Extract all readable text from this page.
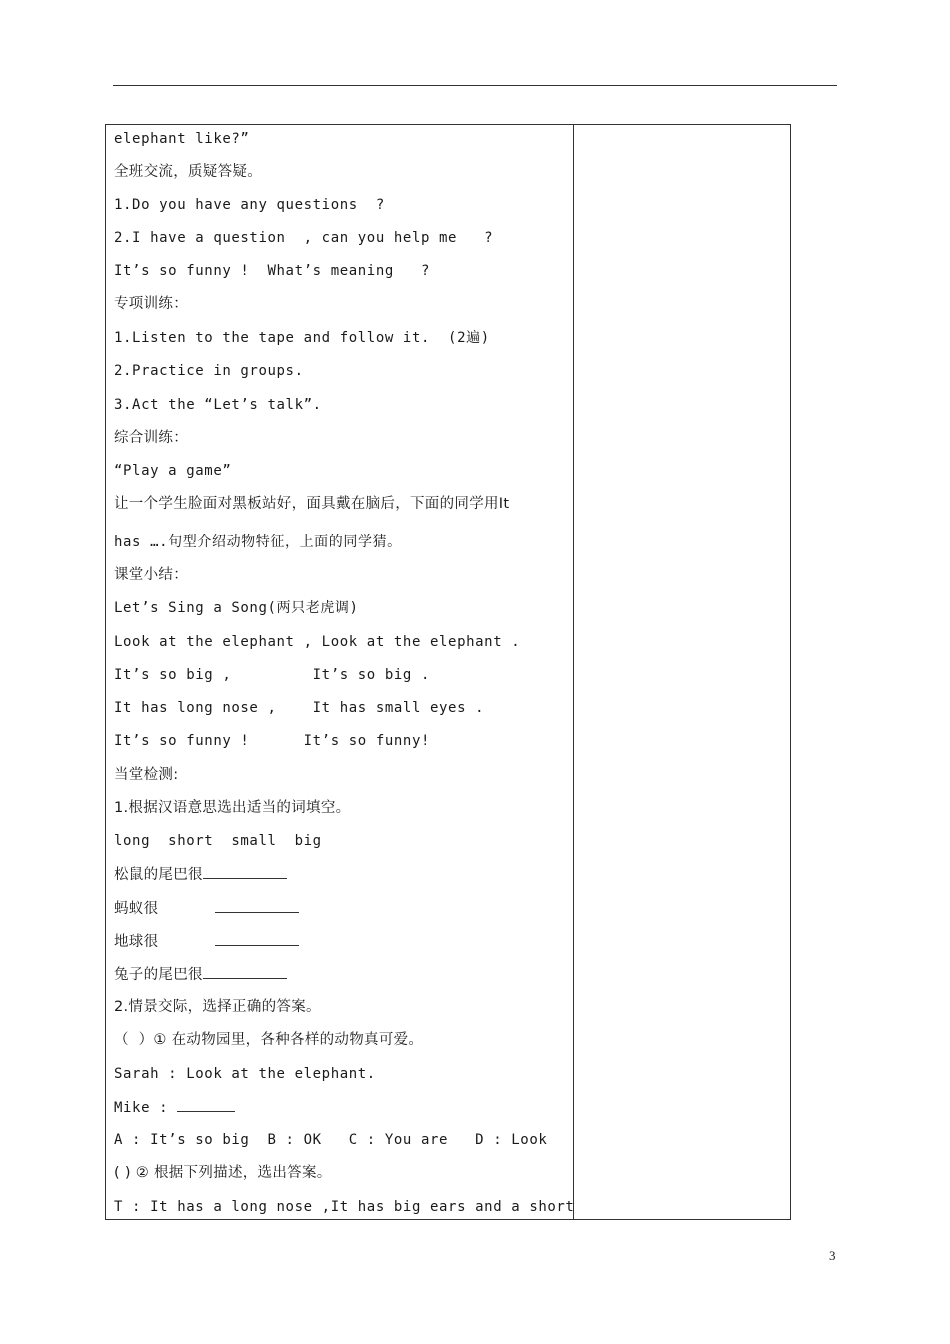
elephant like?”
全班交流，质疑答疑。
1.Do you have any questions  ?
2.I have a question  , can you help me   ?
It’s so funny !  What’s meaning   ?
专项训练：
1.Listen to the tape and follow it.  (2遍)
2.Practice in groups.
3.Act the “Let’s talk”.
综合训练：
“Play a game”
让一个学生脸面对黑板站好，面具戴在脑后，下面的同学用It
has ….句型介绍动物特征，上面的同学猜。
课堂小结：
Let’s Sing a Song(两只老虎调)
Look at the elephant , Look at the elephant .
It’s so big ,         It’s so big .
It has long nose ,    It has small eyes .
It’s so funny !      It’s so funny!
当堂检测:
1.根据汉语意思选出适当的词填空。
long  short  small  big
松鼠的尾巴很
蚂蚁很
地球很
兔子的尾巴很
2.情景交际，选择正确的答案。
（  ）① 在动物园里，各种各样的动物真可爱。
Sarah : Look at the elephant.
Mike :
A : It’s so big  B : OK   C : You are   D : Look
( ) ② 根据下列描述，选出答案。
T : It has a long nose ,It has big ears and a short
3
